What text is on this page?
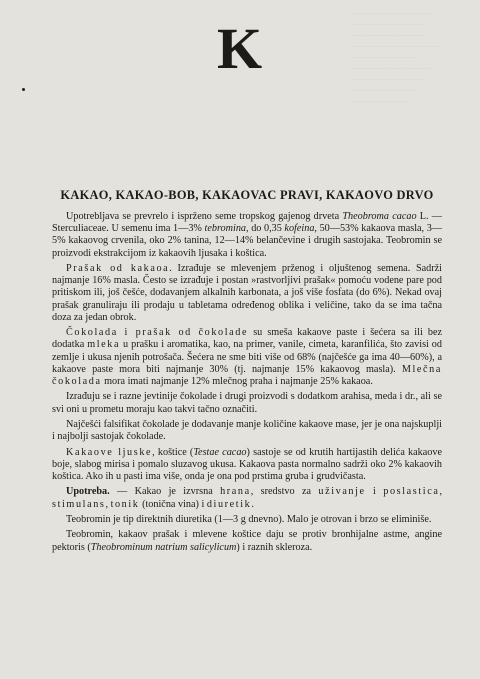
—— ——— ———— ——
————— ——— ——
—— ———— ————
——— ———— —— ———
———— ——— ——
————— —— ————
—— ———— ————
——— —— ————
———— ——— —
K
KAKAO, KAKAO-BOB, KAKAOVAC PRAVI, KAKAOVO DRVO

Upotrebljava se prevrelo i isprženo seme tropskog gajenog drveta Theobroma cacao L. — Sterculiaceae. U semenu ima 1—3% tebromina, do 0,35 kofeina, 50—53% kakaova masla, 3—5% kakaovog crvenila, oko 2% tanina, 12—14% belančevine i drugih sastojaka. Teobromin se proizvodi ekstrakcijom iz kakaovih ljusaka i koštica.

Prašak od kakaoa. Izrađuje se mlevenjem prženog i oljuštenog semena. Sadrži najmanje 16% masla. Često se izrađuje i postan »rastvorljivi prašak« pomoću vodene pare pod pritiskom ili, još češće, dodavanjem alkalnih karbonata, a još više fosfata (do 6%). Nekad ovaj prašak granuliraju ili prodaju u tabletama određenog oblika i veličine, tako da se ima tačna doza za jedan obrok.

Čokolada i prašak od čokolade su smeša kakaove paste i šećera sa ili bez dodatka mleka u prašku i aromatika, kao, na primer, vanile, cimeta, karanfilića, što zavisi od zemlje i ukusa njenih potrošača. Šećera ne sme biti više od 68% (najčešće ga ima 40—60%), a kakaove paste mora biti najmanje 30% (tj. najmanje 15% kakaovog masla). Mlečna čokolada mora imati najmanje 12% mlečnog praha i najmanje 25% kakaoa.

Izrađuju se i razne jevtinije čokolade i drugi proizvodi s dodatkom arahisa, meda i dr., ali se svi oni u prometu moraju kao takvi tačno označiti.

Najčešći falsifikat čokolade je dodavanje manje količine kakaove mase, jer je ona najskuplji i najbolji sastojak čokolade.

Kakaove ljuske, koštice (Testae cacao) sastoje se od krutih hartijastih delića kakaove boje, slabog mirisa i pomalo sluzavog ukusa. Kakaova pasta normalno sadrži oko 2% kakaovih koštica. Ako ih u pasti ima više, onda je ona pod prstima gruba i grudvičasta.

Upotreba. — Kakao je izvrsna hrana, sredstvo za uživanje i poslastica, stimulans, tonik (tonična vina) i diuretik.

Teobromin je tip direktnih diuretika (1—3 g dnevno). Malo je otrovan i brzo se eliminiše.

Teobromin, kakaov prašak i mlevene koštice daju se protiv bronhijalne astme, angine pektoris (Theobrominum natrium salicylicum) i raznih skleroza.
